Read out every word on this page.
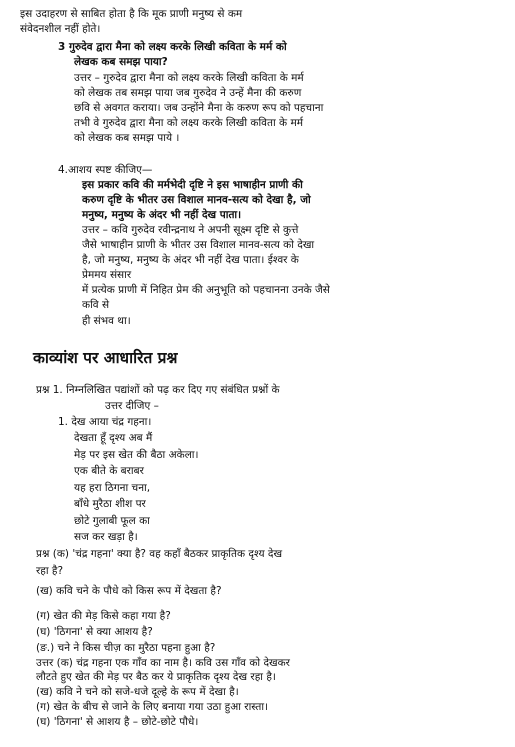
इस उदाहरण से साबित होता है कि मूक प्राणी मनुष्य से कम
संवेदनशील नहीं होते।
3 गुरुदेव द्वारा मैना को लक्ष्य करके लिखी कविता के मर्म को
लेखक कब समझ पाया?
उत्तर – गुरुदेव द्वारा मैना को लक्ष्य करके लिखी कविता के मर्म
को लेखक तब समझ पाया जब गुरुदेव ने उन्हें मैना की करुण
छवि से अवगत कराया। जब उन्होंने मैना के करुण रूप को पहचाना
तभी वे गुरुदेव द्वारा मैना को लक्ष्य करके लिखी कविता के मर्म
को लेखक कब समझ पाये ।
4.आशय स्पष्ट कीजिए—
इस प्रकार कवि की मर्मभेदी दृष्टि ने इस भाषाहीन प्राणी की
करुण दृष्टि के भीतर उस विशाल मानव-सत्य को देखा है, जो
मनुष्य, मनुष्य के अंदर भी नहीं देख पाता।
उत्तर – कवि गुरुदेव रवीन्द्रनाथ ने अपनी सूक्ष्म दृष्टि से कुत्ते
जैसे भाषाहीन प्राणी के भीतर उस विशाल मानव-सत्य को देखा
है, जो मनुष्य, मनुष्य के अंदर भी नहीं देख पाता। ईश्वर के
प्रेममय संसार
में प्रत्येक प्राणी में निहित प्रेम की अनुभूति को पहचानना उनके जैसे
कवि से
ही संभव था।
काव्यांश पर आधारित प्रश्न
प्रश्न 1. निम्नलिखित पद्यांशों को पढ़ कर दिए गए संबंधित प्रश्नों के
उत्तर दीजिए –
1. देख आया चंद्र गहना।
देखता हूँ दृश्य अब मैं
मेड़ पर इस खेत की बैठा अकेला।
एक बीते के बराबर
यह हरा ठिगना चना,
बाँधे मुरैठा शीश पर
छोटे गुलाबी फूल का
सज कर खड़ा है।
प्रश्न (क) 'चंद्र गहना' क्या है? वह कहाँ बैठकर प्राकृतिक दृश्य देख
रहा है?
(ख) कवि चने के पौधे को किस रूप में देखता है?
(ग) खेत की मेड़ किसे कहा गया है?
(घ) 'ठिगना' से क्या आशय है?
(ङ.) चने ने किस चीज़ का मुरैठा पहना हुआ है?
उत्तर (क) चंद्र गहना एक गाँव का नाम है। कवि उस गाँव को देखकर
लौटते हुए खेत की मेड़ पर बैठ कर ये प्राकृतिक दृश्य देख रहा है।
(ख) कवि ने चने को सजे-धजे दूल्हे के रूप में देखा है।
(ग) खेत के बीच से जाने के लिए बनाया गया उठा हुआ रास्ता।
(घ) 'ठिगना' से आशय है – छोटे-छोटे पौधे।
